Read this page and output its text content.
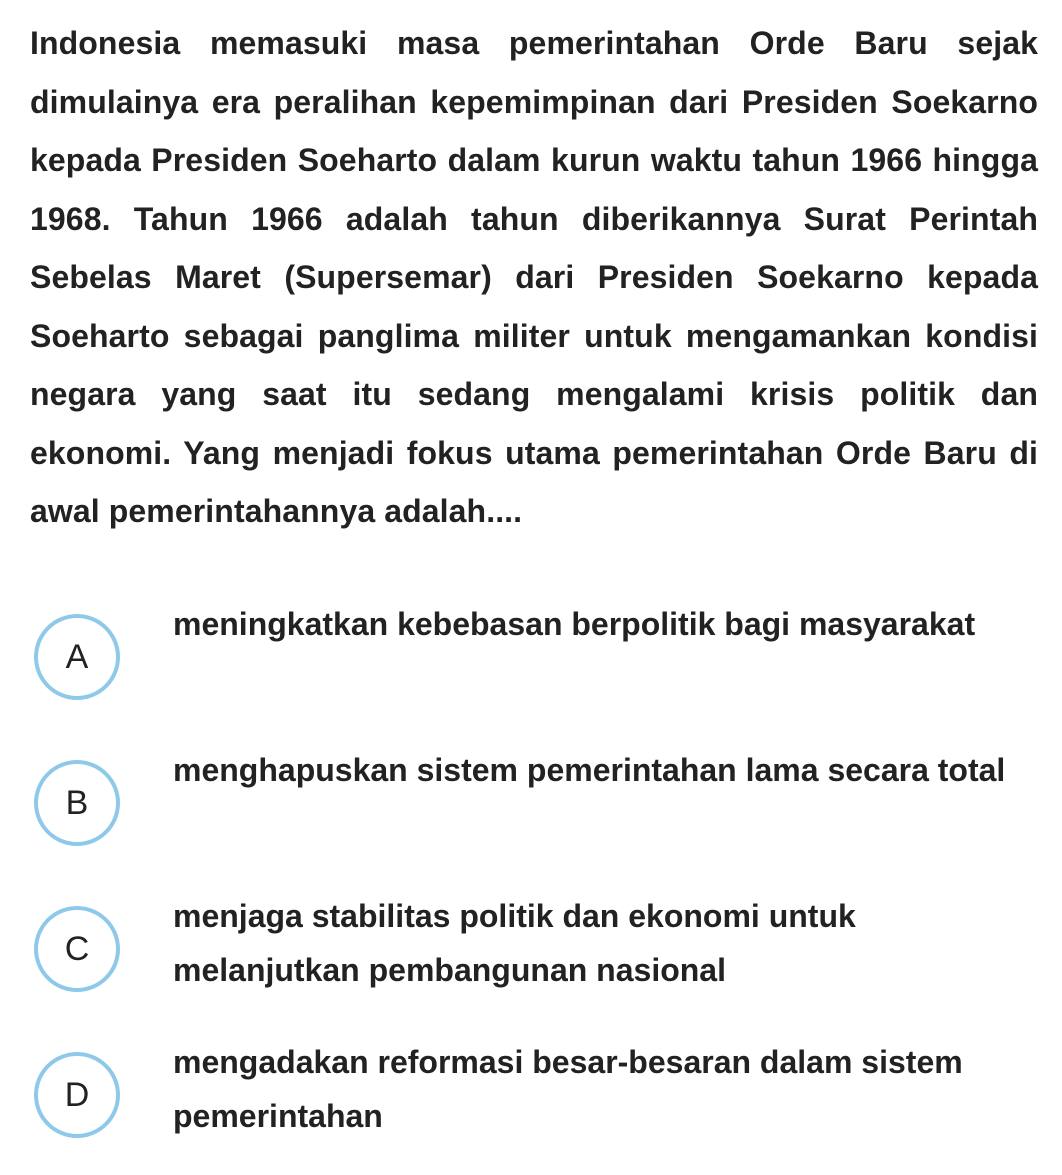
Indonesia memasuki masa pemerintahan Orde Baru sejak dimulainya era peralihan kepemimpinan dari Presiden Soekarno kepada Presiden Soeharto dalam kurun waktu tahun 1966 hingga 1968. Tahun 1966 adalah tahun diberikannya Surat Perintah Sebelas Maret (Supersemar) dari Presiden Soekarno kepada Soeharto sebagai panglima militer untuk mengamankan kondisi negara yang saat itu sedang mengalami krisis politik dan ekonomi. Yang menjadi fokus utama pemerintahan Orde Baru di awal pemerintahannya adalah....

A
meningkatkan kebebasan berpolitik bagi masyarakat
B
menghapuskan sistem pemerintahan lama secara total
C
menjaga stabilitas politik dan ekonomi untuk melanjutkan pembangunan nasional
D
mengadakan reformasi besar-besaran dalam sistem pemerintahan
